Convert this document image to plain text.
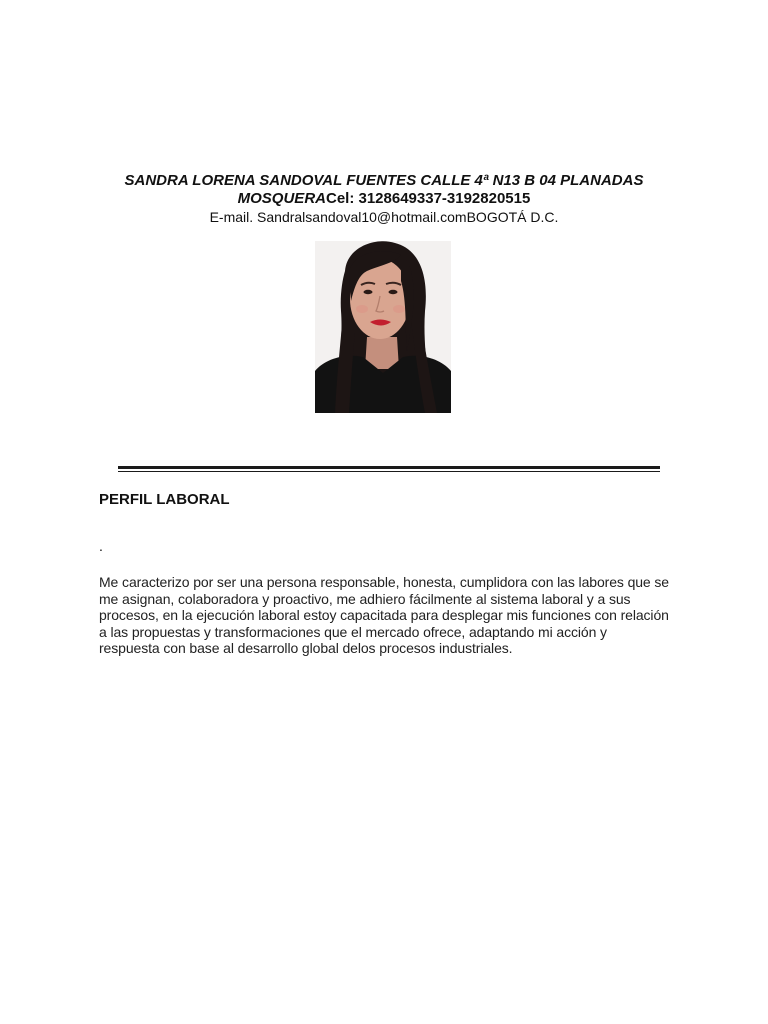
SANDRA LORENA SANDOVAL FUENTES CALLE 4ª N13 B 04 PLANADAS

MOSQUERACel: 3128649337-3192820515

E-mail. Sandralsandoval10@hotmail.comBOGOTÁ D.C.

PERFIL LABORAL
.

Me caracterizo por ser una persona responsable, honesta, cumplidora con las labores que se me asignan, colaboradora y proactivo, me adhiero fácilmente al sistema laboral y a sus procesos, en la ejecución laboral estoy capacitada para desplegar mis funciones con relación a las propuestas y transformaciones que el mercado ofrece, adaptando mi acción y respuesta con base al desarrollo global delos procesos industriales.
